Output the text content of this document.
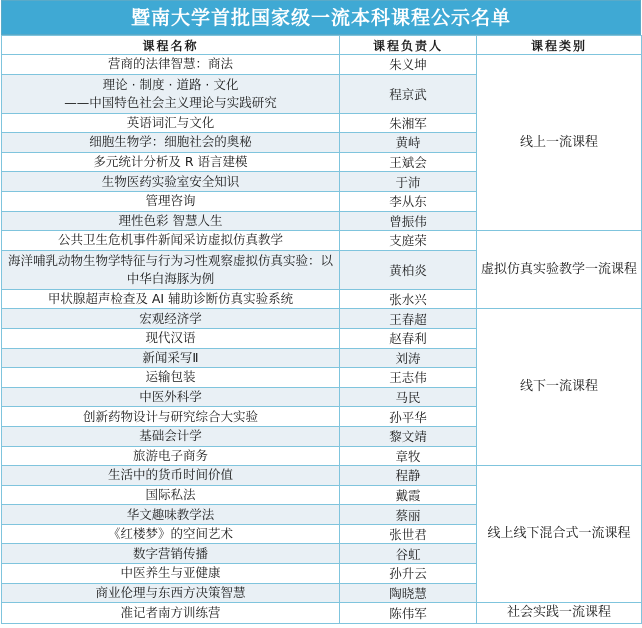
暨南大学首批国家级一流本科课程公示名单
课程名称	课程负责人	课程类别
营商的法律智慧：商法	朱义坤	线上一流课程
理论 · 制度 · 道路 · 文化
——中国特色社会主义理论与实践研究	程京武	
英语词汇与文化	朱湘军	
细胞生物学：细胞社会的奥秘	黄峙	
多元统计分析及 R 语言建模	王斌会	
生物医药实验室安全知识	于沛	
管理咨询	李从东	
理性色彩 智慧人生	曾振伟	
公共卫生危机事件新闻采访虚拟仿真教学	支庭荣	虚拟仿真实验教学一流课程
海洋哺乳动物生物学特征与行为习性观察虚拟仿真实验：以中华白海豚为例	黄柏炎	
甲状腺超声检查及 AI 辅助诊断仿真实验系统	张水兴	
宏观经济学	王春超	线下一流课程
现代汉语	赵春利	
新闻采写Ⅱ	刘涛	
运输包装	王志伟	
中医外科学	马民	
创新药物设计与研究综合大实验	孙平华	
基础会计学	黎文靖	
旅游电子商务	章牧	
生活中的货币时间价值	程静	线上线下混合式一流课程
国际私法	戴霞	
华文趣味教学法	蔡丽	
《红楼梦》的空间艺术	张世君	
数字营销传播	谷虹	
中医养生与亚健康	孙升云	
商业伦理与东西方决策智慧	陶晓慧	
准记者南方训练营	陈伟军	社会实践一流课程
